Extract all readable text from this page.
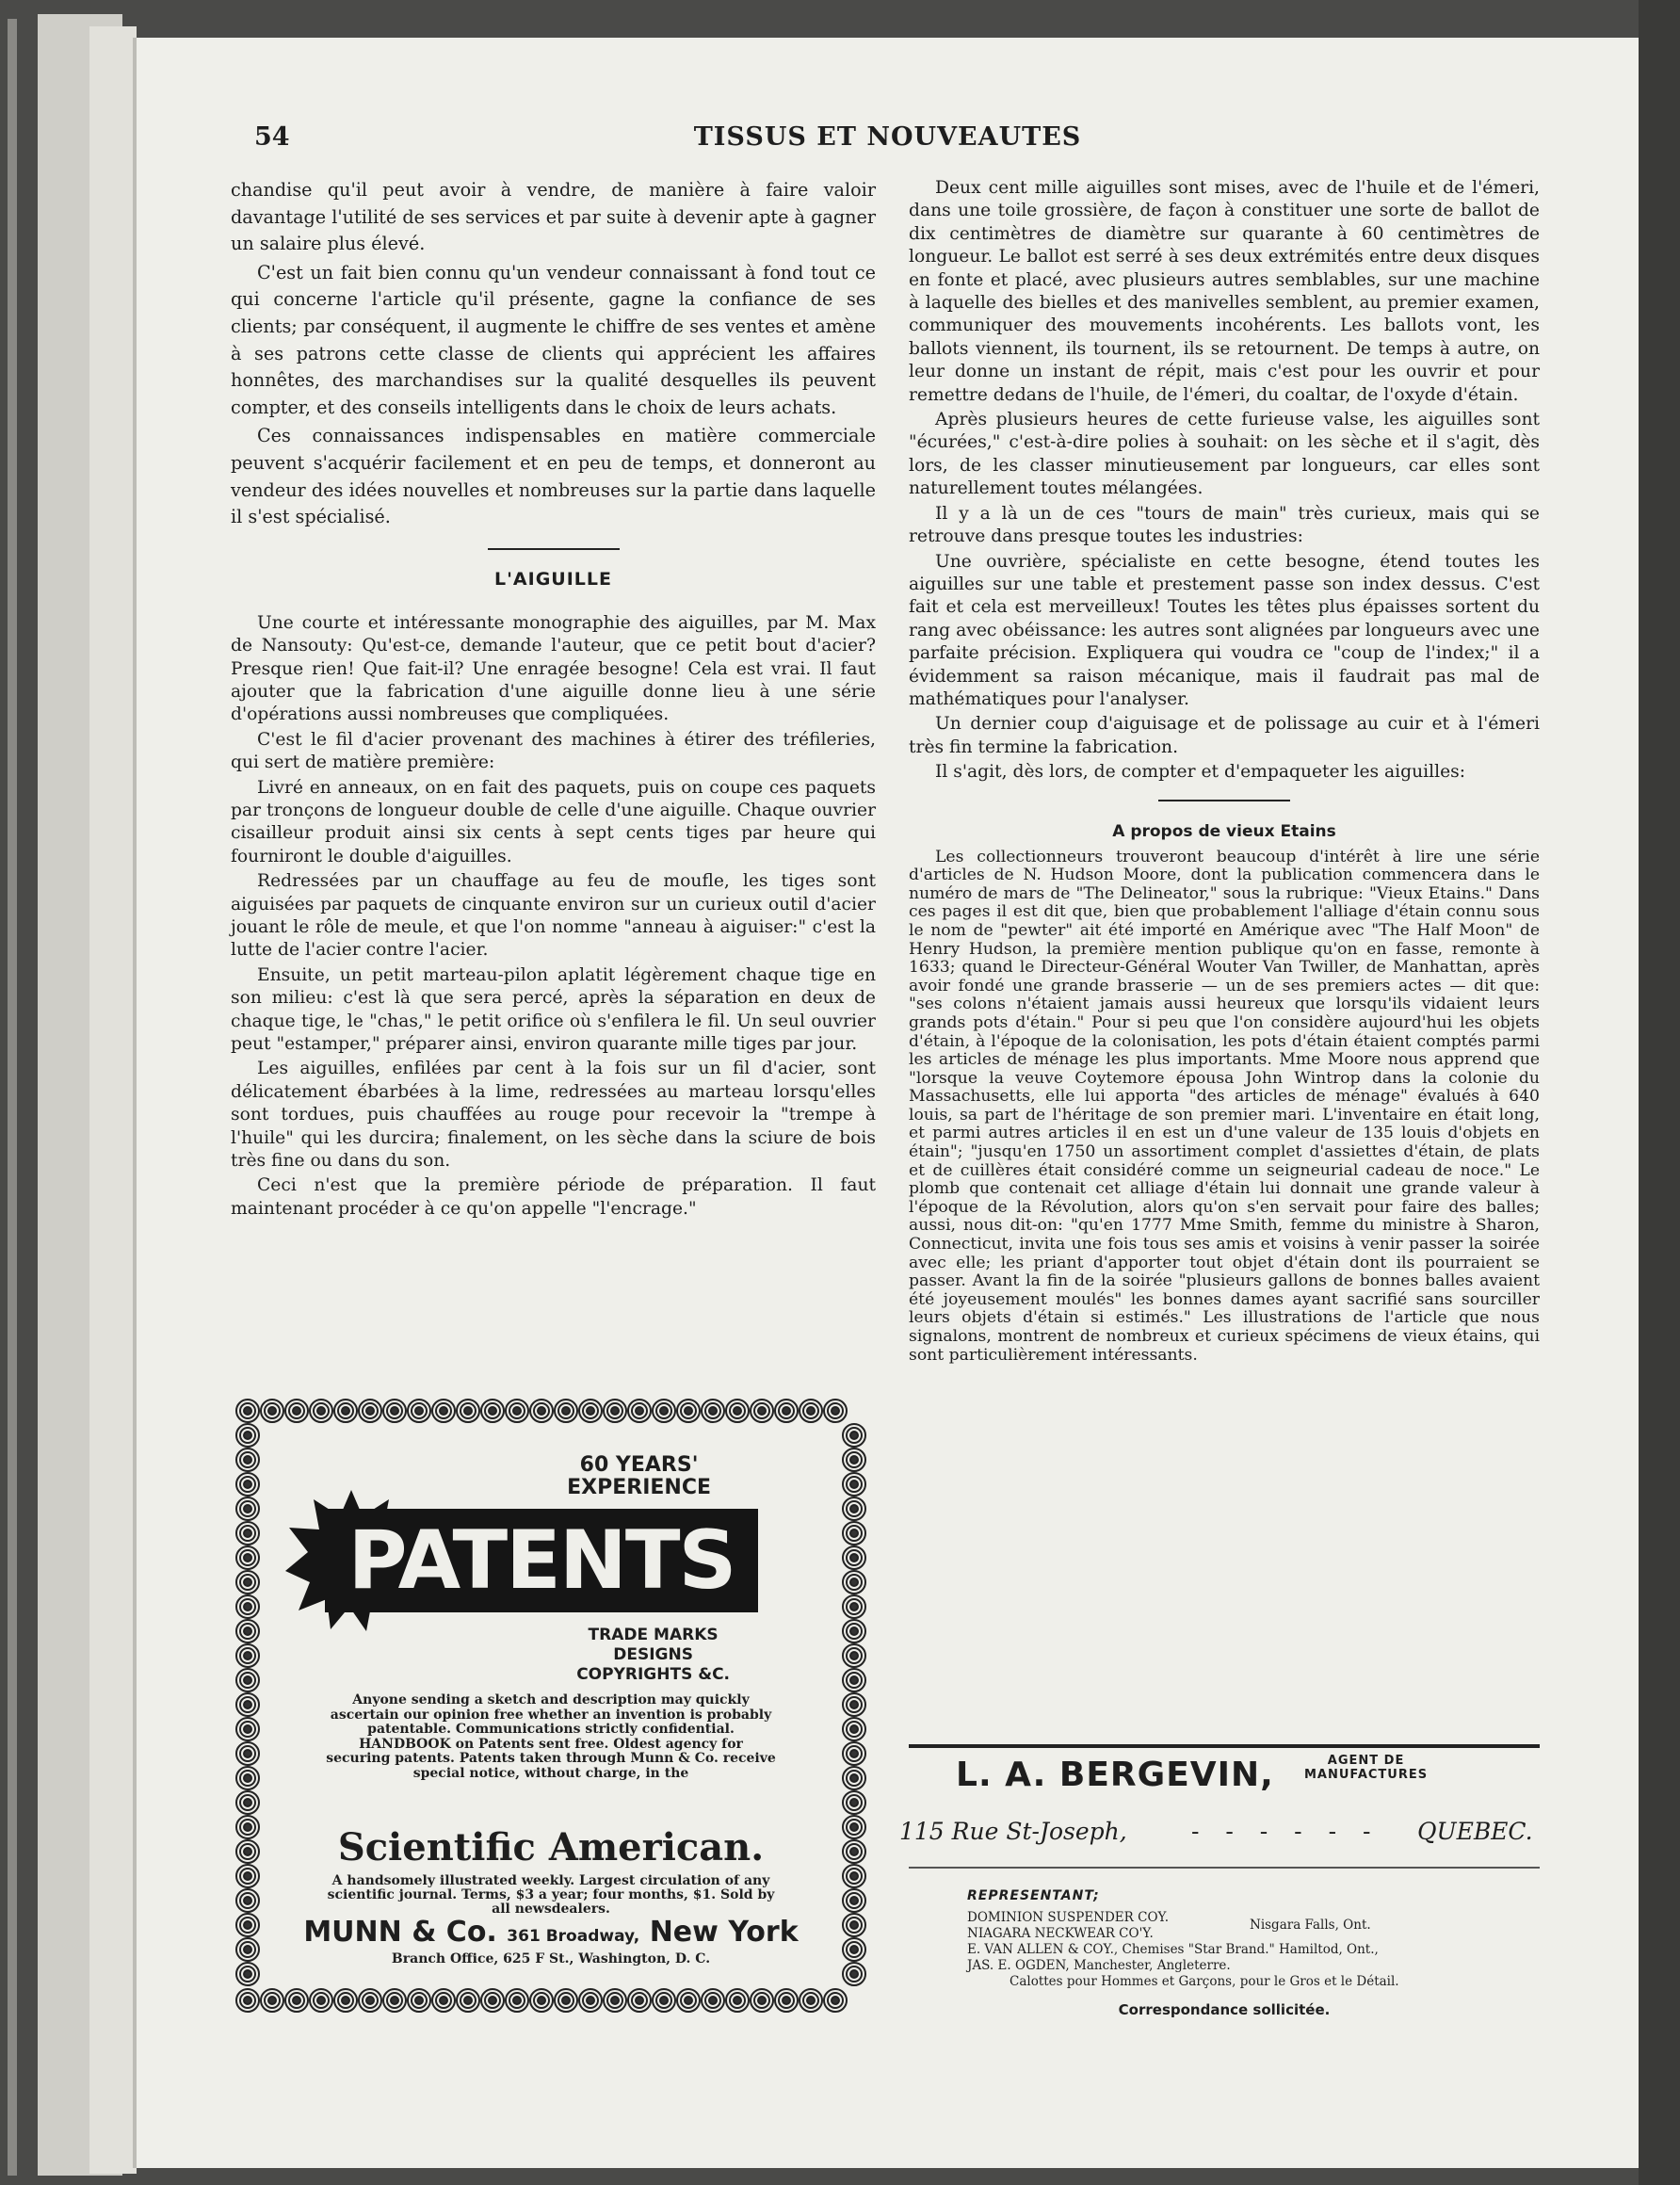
54	TISSUS ET NOUVEAUTES

chandise qu'il peut avoir à vendre, de manière à faire valoir davantage l'utilité de ses services et par suite à devenir apte à gagner un salaire plus élevé.

C'est un fait bien connu qu'un vendeur connaissant à fond tout ce qui concerne l'article qu'il présente, gagne la confiance de ses clients; par conséquent, il augmente le chiffre de ses ventes et amène à ses patrons cette classe de clients qui apprécient les affaires honnêtes, des marchandises sur la qualité desquelles ils peuvent compter, et des conseils intelligents dans le choix de leurs achats.

Ces connaissances indispensables en matière commerciale peuvent s'acquérir facilement et en peu de temps, et donneront au vendeur des idées nouvelles et nombreuses sur la partie dans laquelle il s'est spécialisé.

L'AIGUILLE

Une courte et intéressante monographie des aiguilles, par M. Max de Nansouty: Qu'est-ce, demande l'auteur, que ce petit bout d'acier? Presque rien! Que fait-il? Une enragée besogne! Cela est vrai. Il faut ajouter que la fabrication d'une aiguille donne lieu à une série d'opérations aussi nombreuses que compliquées.

C'est le fil d'acier provenant des machines à étirer des tréfileries, qui sert de matière première:

Livré en anneaux, on en fait des paquets, puis on coupe ces paquets par tronçons de longueur double de celle d'une aiguille. Chaque ouvrier cisailleur produit ainsi six cents à sept cents tiges par heure qui fourniront le double d'aiguilles.

Redressées par un chauffage au feu de moufle, les tiges sont aiguisées par paquets de cinquante environ sur un curieux outil d'acier jouant le rôle de meule, et que l'on nomme "anneau à aiguiser:" c'est la lutte de l'acier contre l'acier.

Ensuite, un petit marteau-pilon aplatit légèrement chaque tige en son milieu: c'est là que sera percé, après la séparation en deux de chaque tige, le "chas," le petit orifice où s'enfilera le fil. Un seul ouvrier peut "estamper," préparer ainsi, environ quarante mille tiges par jour.

Les aiguilles, enfilées par cent à la fois sur un fil d'acier, sont délicatement ébarbées à la lime, redressées au marteau lorsqu'elles sont tordues, puis chauffées au rouge pour recevoir la "trempe à l'huile" qui les durcira; finalement, on les sèche dans la sciure de bois très fine ou dans du son.

Ceci n'est que la première période de préparation. Il faut maintenant procéder à ce qu'on appelle "l'encrage."

Deux cent mille aiguilles sont mises, avec de l'huile et de l'émeri, dans une toile grossière, de façon à constituer une sorte de ballot de dix centimètres de diamètre sur quarante à 60 centimètres de longueur. Le ballot est serré à ses deux extrémités entre deux disques en fonte et placé, avec plusieurs autres semblables, sur une machine à laquelle des bielles et des manivelles semblent, au premier examen, communiquer des mouvements incohérents. Les ballots vont, les ballots viennent, ils tournent, ils se retournent. De temps à autre, on leur donne un instant de répit, mais c'est pour les ouvrir et pour remettre dedans de l'huile, de l'émeri, du coaltar, de l'oxyde d'étain.

Après plusieurs heures de cette furieuse valse, les aiguilles sont "écurées," c'est-à-dire polies à souhait: on les sèche et il s'agit, dès lors, de les classer minutieusement par longueurs, car elles sont naturellement toutes mélangées.

Il y a là un de ces "tours de main" très curieux, mais qui se retrouve dans presque toutes les industries:

Une ouvrière, spécialiste en cette besogne, étend toutes les aiguilles sur une table et prestement passe son index dessus. C'est fait et cela est merveilleux! Toutes les têtes plus épaisses sortent du rang avec obéissance: les autres sont alignées par longueurs avec une parfaite précision. Expliquera qui voudra ce "coup de l'index;" il a évidemment sa raison mécanique, mais il faudrait pas mal de mathématiques pour l'analyser.

Un dernier coup d'aiguisage et de polissage au cuir et à l'émeri très fin termine la fabrication.

Il s'agit, dès lors, de compter et d'empaqueter les aiguilles:

A propos de vieux Etains

Les collectionneurs trouveront beaucoup d'intérêt à lire une série d'articles de N. Hudson Moore, dont la publication commencera dans le numéro de mars de "The Delineator," sous la rubrique: "Vieux Etains." Dans ces pages il est dit que, bien que probablement l'alliage d'étain connu sous le nom de "pewter" ait été importé en Amérique avec "The Half Moon" de Henry Hudson, la première mention publique qu'on en fasse, remonte à 1633; quand le Directeur-Général Wouter Van Twiller, de Manhattan, après avoir fondé une grande brasserie — un de ses premiers actes — dit que: "ses colons n'étaient jamais aussi heureux que lorsqu'ils vidaient leurs grands pots d'étain." Pour si peu que l'on considère aujourd'hui les objets d'étain, à l'époque de la colonisation, les pots d'étain étaient comptés parmi les articles de ménage les plus importants. Mme Moore nous apprend que "lorsque la veuve Coytemore épousa John Wintrop dans la colonie du Massachusetts, elle lui apporta "des articles de ménage" évalués à 640 louis, sa part de l'héritage de son premier mari. L'inventaire en était long, et parmi autres articles il en est un d'une valeur de 135 louis d'objets en étain"; "jusqu'en 1750 un assortiment complet d'assiettes d'étain, de plats et de cuillères était considéré comme un seigneurial cadeau de noce." Le plomb que contenait cet alliage d'étain lui donnait une grande valeur à l'époque de la Révolution, alors qu'on s'en servait pour faire des balles; aussi, nous dit-on: "qu'en 1777 Mme Smith, femme du ministre à Sharon, Connecticut, invita une fois tous ses amis et voisins à venir passer la soirée avec elle; les priant d'apporter tout objet d'étain dont ils pourraient se passer. Avant la fin de la soirée "plusieurs gallons de bonnes balles avaient été joyeusement moulés" les bonnes dames ayant sacrifié sans sourciller leurs objets d'étain si estimés." Les illustrations de l'article que nous signalons, montrent de nombreux et curieux spécimens de vieux étains, qui sont particulièrement intéressants.

60 YEARS'
EXPERIENCE
PATENTS
TRADE MARKS
DESIGNS
COPYRIGHTS &C.
Anyone sending a sketch and description may quickly ascertain our opinion free whether an invention is probably patentable. Communications strictly confidential. HANDBOOK on Patents sent free. Oldest agency for securing patents. Patents taken through Munn & Co. receive special notice, without charge, in the
Scientific American.
A handsomely illustrated weekly. Largest circulation of any scientific journal. Terms, $3 a year; four months, $1. Sold by all newsdealers.
MUNN & Co. 361 Broadway, New York
Branch Office, 625 F St., Washington, D. C.
L. A. BERGEVIN,	AGENT DE
MANUFACTURES
115 Rue St-Joseph,	- - - - - - QUEBEC.
REPRESENTANT;
DOMINION SUSPENDER COY.	Nisgara Falls, Ont.
NIAGARA NECKWEAR CO'Y.
E. VAN ALLEN & COY., Chemises "Star Brand." Hamiltod, Ont.,
JAS. E. OGDEN, Manchester, Angleterre.
Calottes pour Hommes et Garçons, pour le Gros et le Détail.
Correspondance sollicitée.
